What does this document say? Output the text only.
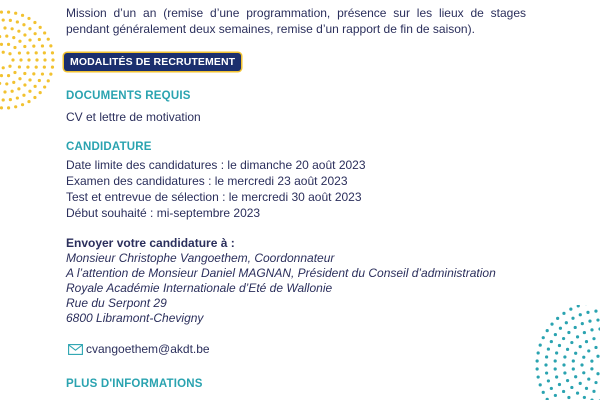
Mission d’un an (remise d’une programmation, présence sur les lieux de stages pendant généralement deux semaines, remise d’un rapport de fin de saison).
MODALITÉS DE RECRUTEMENT
DOCUMENTS REQUIS
CV et lettre de motivation
CANDIDATURE
Date limite des candidatures : le dimanche 20 août 2023
Examen des candidatures : le mercredi 23 août 2023
Test et entrevue de sélection : le mercredi 30 août 2023
Début souhaité : mi-septembre 2023
Envoyer votre candidature à :
Monsieur Christophe Vangoethem, Coordonnateur
A l’attention de Monsieur Daniel MAGNAN, Président du Conseil d’administration
Royale Académie Internationale d’Eté de Wallonie
Rue du Serpont 29
6800 Libramont-Chevigny
cvangoethem@akdt.be
PLUS D'INFORMATIONS
